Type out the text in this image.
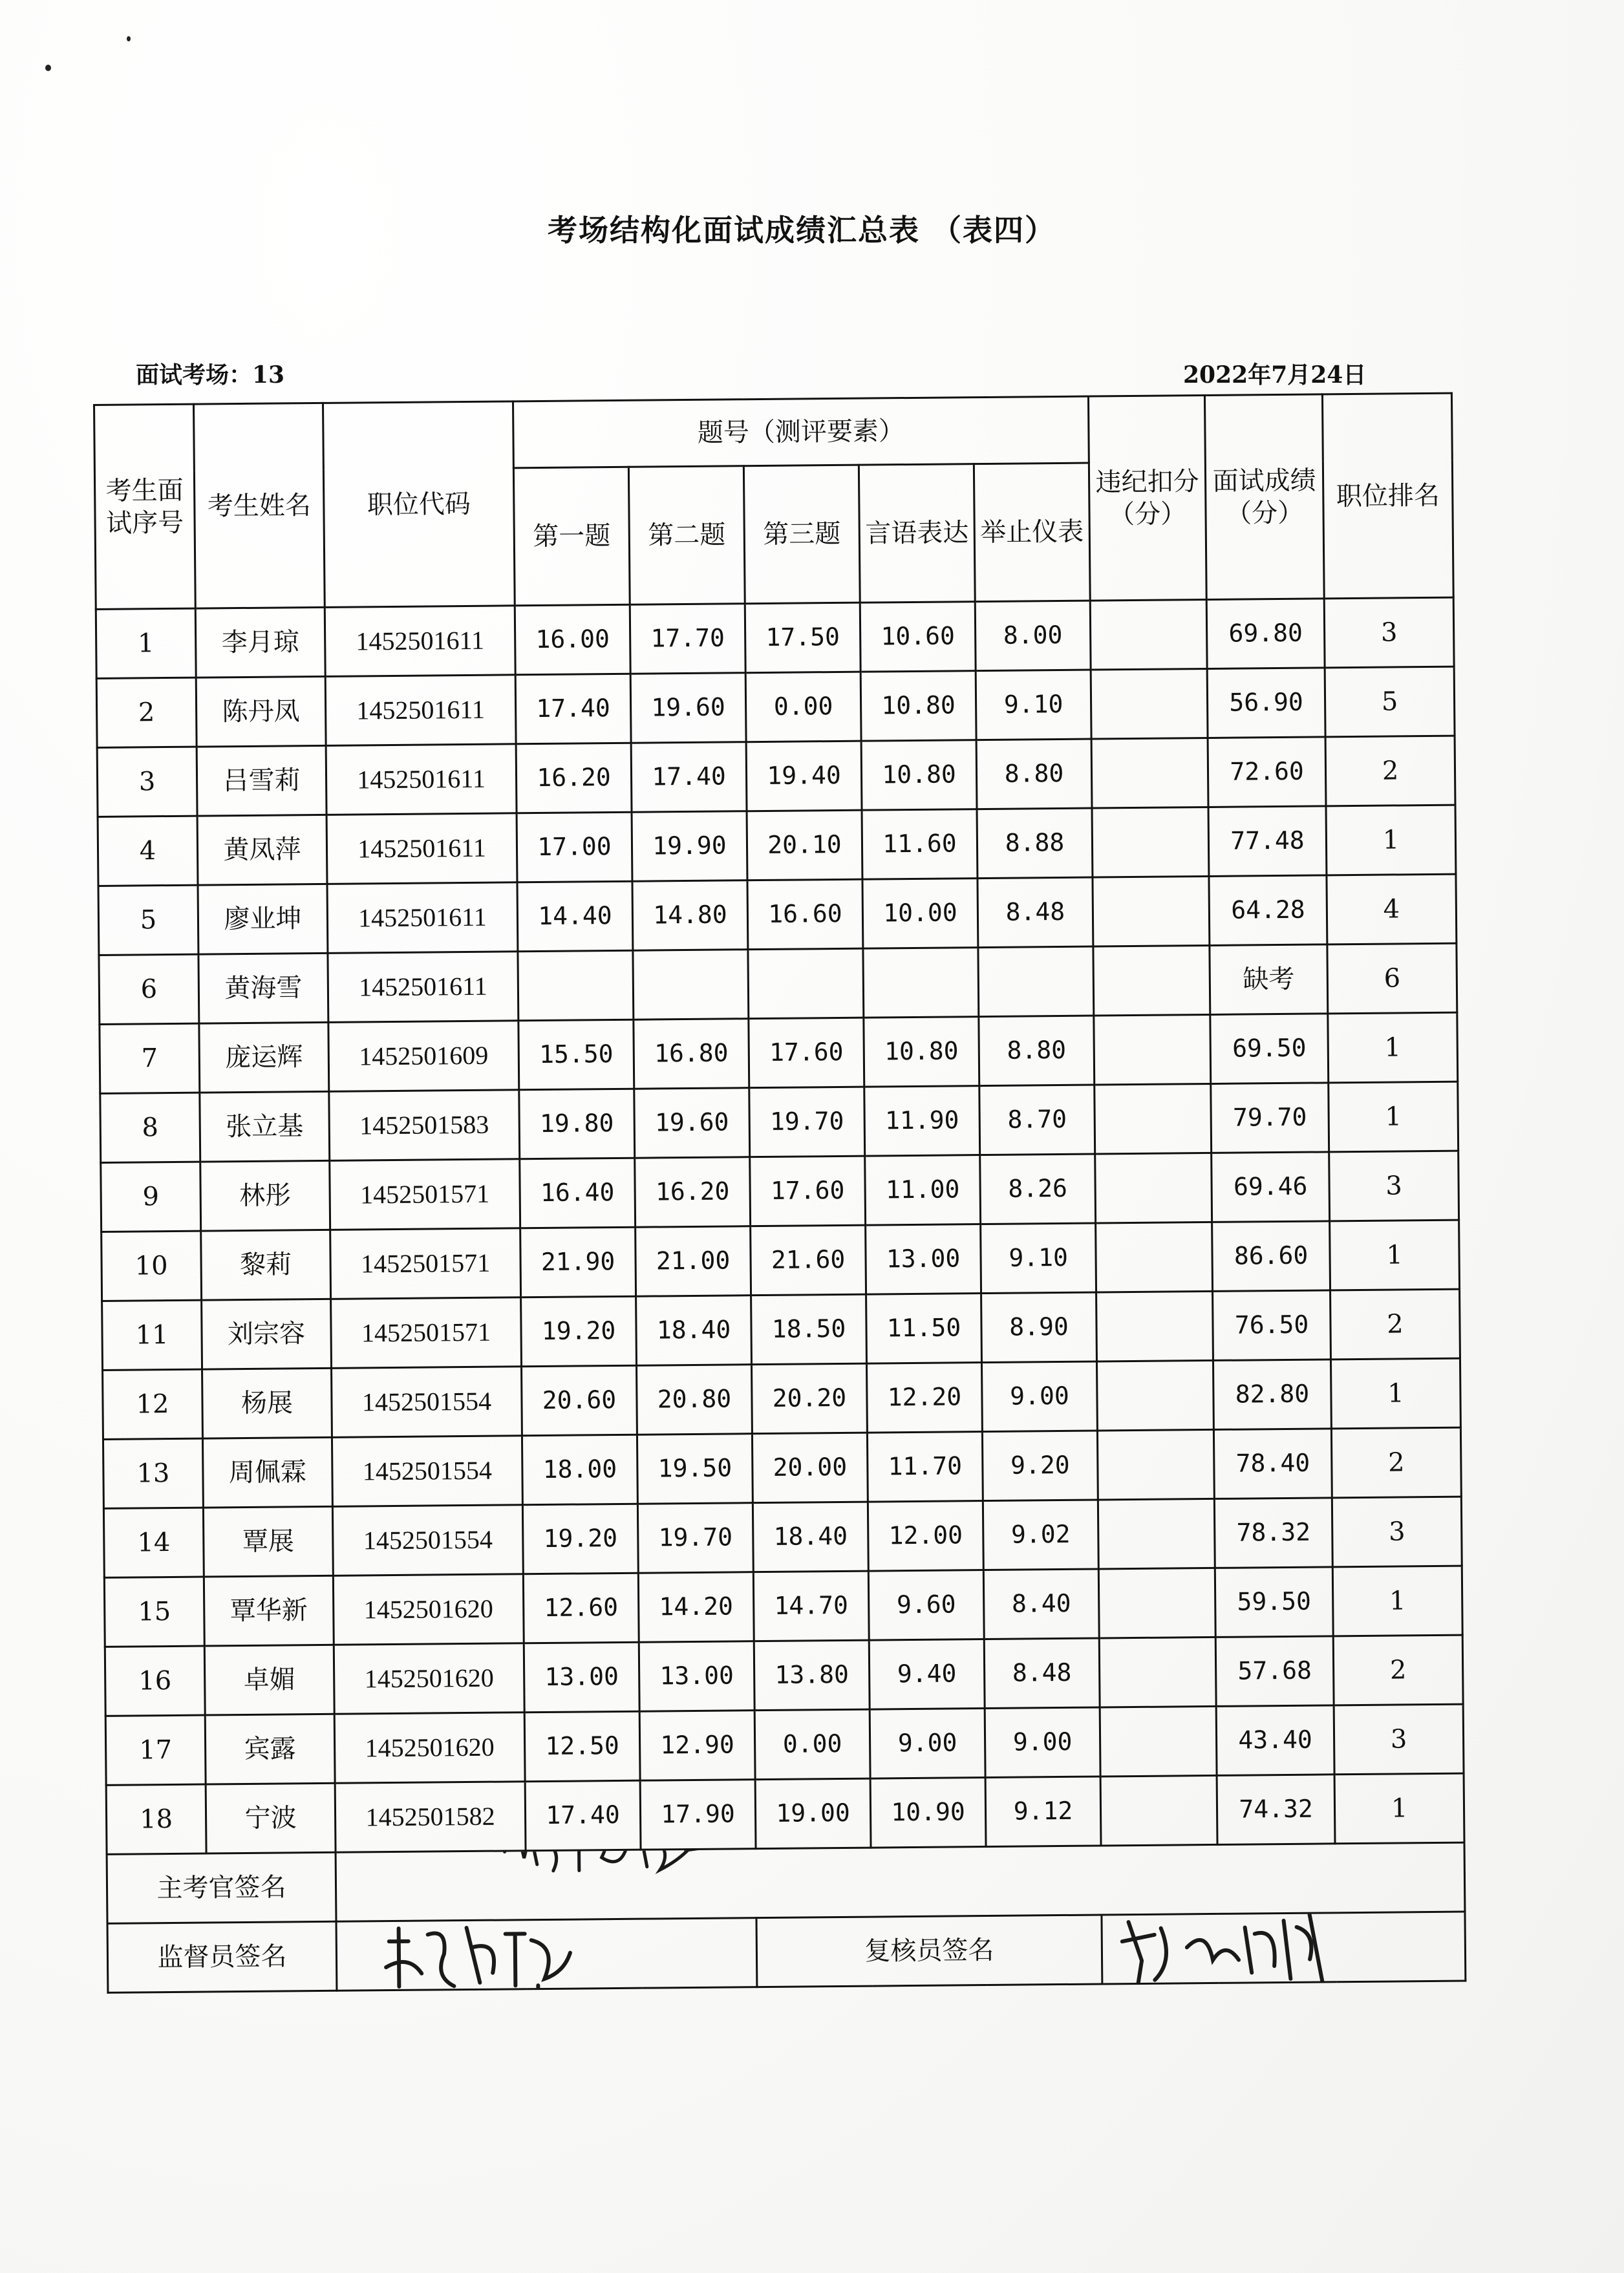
考场结构化面试成绩汇总表 （表四）
面试考场：13	2022年7月24日
考生面试序号	考生姓名	职位代码	题号（测评要素）					违纪扣分（分）	面试成绩（分）	职位排名
			第一题	第二题	第三题	言语表达	举止仪表			
1	李月琼	1452501611	16.00	17.70	17.50	10.60	8.00		69.80	3
2	陈丹凤	1452501611	17.40	19.60	0.00	10.80	9.10		56.90	5
3	吕雪莉	1452501611	16.20	17.40	19.40	10.80	8.80		72.60	2
4	黄凤萍	1452501611	17.00	19.90	20.10	11.60	8.88		77.48	1
5	廖业坤	1452501611	14.40	14.80	16.60	10.00	8.48		64.28	4
6	黄海雪	1452501611							缺考	6
7	庞运辉	1452501609	15.50	16.80	17.60	10.80	8.80		69.50	1
8	张立基	1452501583	19.80	19.60	19.70	11.90	8.70		79.70	1
9	林彤	1452501571	16.40	16.20	17.60	11.00	8.26		69.46	3
10	黎莉	1452501571	21.90	21.00	21.60	13.00	9.10		86.60	1
11	刘宗容	1452501571	19.20	18.40	18.50	11.50	8.90		76.50	2
12	杨展	1452501554	20.60	20.80	20.20	12.20	9.00		82.80	1
13	周佩霖	1452501554	18.00	19.50	20.00	11.70	9.20		78.40	2
14	覃展	1452501554	19.20	19.70	18.40	12.00	9.02		78.32	3
15	覃华新	1452501620	12.60	14.20	14.70	9.60	8.40		59.50	1
16	卓媚	1452501620	13.00	13.00	13.80	9.40	8.48		57.68	2
17	宾露	1452501620	12.50	12.90	0.00	9.00	9.00		43.40	3
18	宁波	1452501582	17.40	17.90	19.00	10.90	9.12		74.32	1
主考官签名	

监督员签名					复核员签名	
